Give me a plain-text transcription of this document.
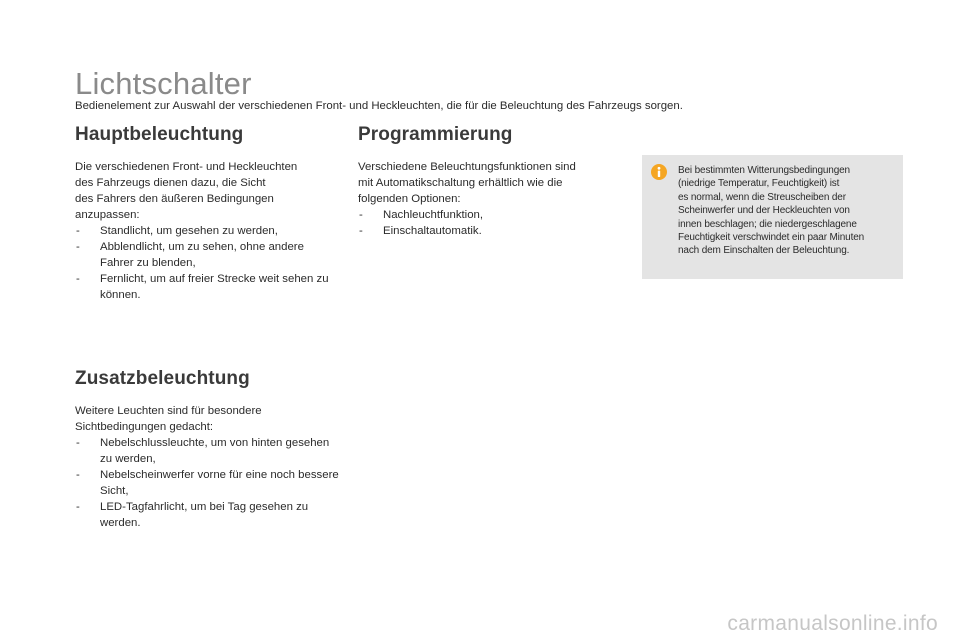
Lichtschalter

Bedienelement zur Auswahl der verschiedenen Front- und Heckleuchten, die für die Beleuchtung des Fahrzeugs sorgen.

Hauptbeleuchtung

Die verschiedenen Front- und Heckleuchten
des Fahrzeugs dienen dazu, die Sicht
des Fahrers den äußeren Bedingungen
anzupassen:

- Standlicht, um gesehen zu werden,
- Abblendlicht, um zu sehen, ohne andere Fahrer zu blenden,
- Fernlicht, um auf freier Strecke weit sehen zu können.
Zusatzbeleuchtung

Weitere Leuchten sind für besondere
Sichtbedingungen gedacht:

- Nebelschlussleuchte, um von hinten gesehen zu werden,
- Nebelscheinwerfer vorne für eine noch bessere Sicht,
- LED-Tagfahrlicht, um bei Tag gesehen zu werden.
Programmierung

Verschiedene Beleuchtungsfunktionen sind
mit Automatikschaltung erhältlich wie die
folgenden Optionen:

- Nachleuchtfunktion,
- Einschaltautomatik.

Bei bestimmten Witterungsbedingungen
(niedrige Temperatur, Feuchtigkeit) ist
es normal, wenn die Streuscheiben der
Scheinwerfer und der Heckleuchten von
innen beschlagen; die niedergeschlagene
Feuchtigkeit verschwindet ein paar Minuten
nach dem Einschalten der Beleuchtung.

carmanualsonline.info
